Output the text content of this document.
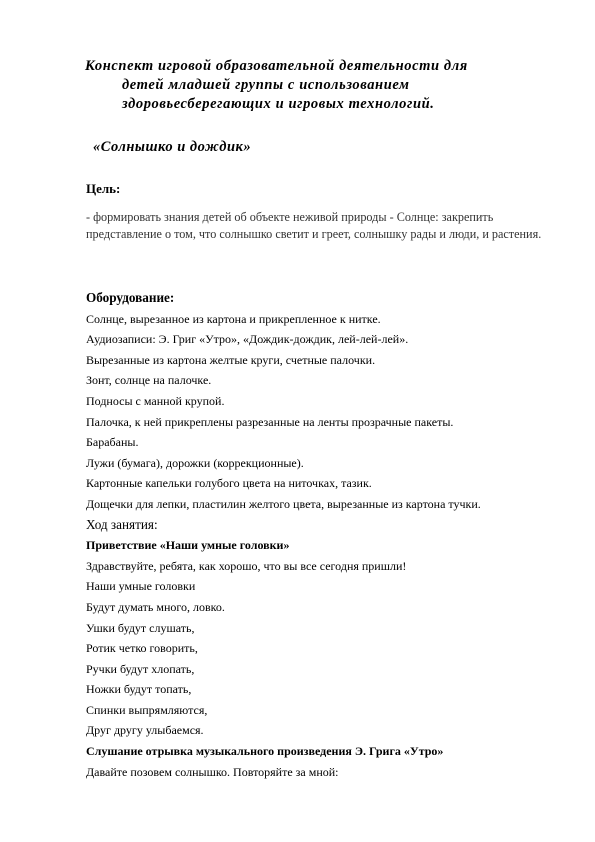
Конспект игровой образовательной деятельности для
детей младшей группы с использованием
здоровьесберегающих и игровых технологий.
«Солнышко и дождик»
Цель:
- формировать знания детей об объекте неживой природы - Солнце: закрепить представление о том, что солнышко светит и греет, солнышку рады и люди, и растения.
Оборудование:
Солнце, вырезанное из картона и прикрепленное к нитке.
Аудиозаписи: Э. Григ «Утро», «Дождик-дождик, лей-лей-лей».
Вырезанные из картона желтые круги, счетные палочки.
Зонт, солнце на палочке.
Подносы с манной крупой.
Палочка, к ней прикреплены разрезанные на ленты прозрачные пакеты.
Барабаны.
Лужи (бумага), дорожки (коррекционные).
Картонные капельки голубого цвета на ниточках, тазик.
Дощечки для лепки, пластилин желтого цвета, вырезанные из картона тучки.
Ход занятия:
Приветствие «Наши умные головки»
Здравствуйте, ребята, как хорошо, что вы все сегодня пришли!
Наши умные головки
Будут думать много, ловко.
Ушки будут слушать,
Ротик четко говорить,
Ручки будут хлопать,
Ножки будут топать,
Спинки выпрямляются,
Друг другу улыбаемся.
Слушание отрывка музыкального произведения Э. Грига «Утро»
Давайте позовем солнышко. Повторяйте за мной:
